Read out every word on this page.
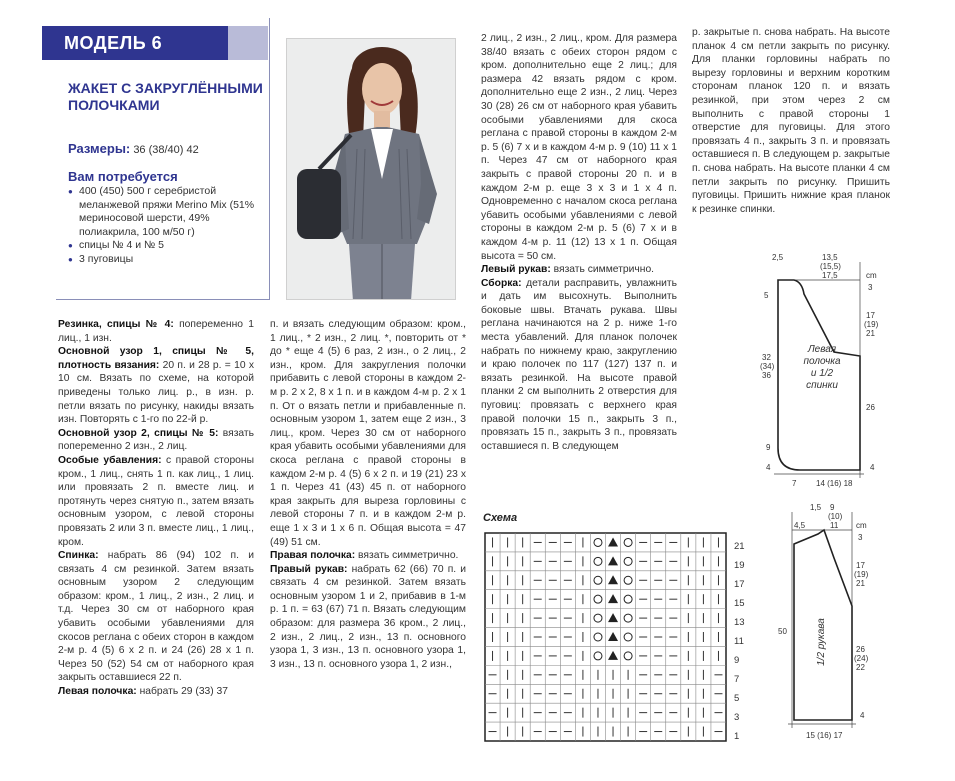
МОДЕЛЬ 6
ЖАКЕТ С ЗАКРУГЛЁННЫМИ ПОЛОЧКАМИ
Размеры: 36 (38/40) 42
Вам потребуется
● 400 (450) 500 г серебристой меланжевой пряжи Merino Mix (51% мериносовой шерсти, 49% полиакрила, 100 м/50 г)
● спицы № 4 и № 5
● 3 пуговицы

Резинка, спицы № 4: попеременно 1 лиц., 1 изн.

Основной узор 1, спицы № 5, плотность вязания: 20 п. и 28 р. = 10 х 10 см. Вязать по схеме, на которой приведены только лиц. р., в изн. р. петли вязать по рисунку, накиды вязать изн. Повторять с 1-го по 22-й р.

Основной узор 2, спицы № 5: вязать попеременно 2 изн., 2 лиц.

Особые убавления: с правой стороны кром., 1 лиц., снять 1 п. как лиц., 1 лиц. или провязать 2 п. вместе лиц. и протянуть через снятую п., затем вязать основным узором, с левой стороны провязать 2 или 3 п. вместе лиц., 1 лиц., кром.

Спинка: набрать 86 (94) 102 п. и связать 4 см резинкой. Затем вязать основным узором 2 следующим образом: кром., 1 лиц., 2 изн., 2 лиц. и т.д. Через 30 см от наборного края убавить особыми убавлениями для скосов реглана с обеих сторон в каждом 2-м р. 4 (5) 6 х 2 п. и 24 (26) 28 х 1 п. Через 50 (52) 54 см от наборного края закрыть оставшиеся 22 п.

Левая полочка: набрать 29 (33) 37

п. и вязать следующим образом: кром., 1 лиц., * 2 изн., 2 лиц. *, повторить от * до * еще 4 (5) 6 раз, 2 изн., о 2 лиц., 2 изн., кром. Для закругления полочки прибавить с левой стороны в каждом 2-м р. 2 х 2, 8 х 1 п. и в каждом 4-м р. 2 х 1 п. От о вязать петли и прибавленные п. основным узором 1, затем еще 2 изн., 3 лиц., кром. Через 30 см от наборного края убавить особыми убавлениями для скоса реглана с правой стороны в каждом 2-м р. 4 (5) 6 х 2 п. и 19 (21) 23 х 1 п. Через 41 (43) 45 п. от наборного края закрыть для выреза горловины с левой стороны 7 п. и в каждом 2-м р. еще 1 х 3 и 1 х 6 п. Общая высота = 47 (49) 51 см.

Правая полочка: вязать симметрично.

Правый рукав: набрать 62 (66) 70 п. и связать 4 см резинкой. Затем вязать основным узором 1 и 2, прибавив в 1-м р. 1 п. = 63 (67) 71 п. Вязать следующим образом: для размера 36 кром., 2 лиц., 2 изн., 2 лиц., 2 изн., 13 п. основного узора 1, 3 изн., 13 п. основного узора 1, 3 изн., 13 п. основного узора 1, 2 изн.,

2 лиц., 2 изн., 2 лиц., кром. Для размера 38/40 вязать с обеих сторон рядом с кром. дополнительно еще 2 лиц.; для размера 42 вязать рядом с кром. дополнительно еще 2 изн., 2 лиц. Через 30 (28) 26 см от наборного края убавить особыми убавлениями для скоса реглана с правой стороны в каждом 2-м р. 5 (6) 7 х и в каждом 4-м р. 9 (10) 11 х 1 п. Через 47 см от наборного края закрыть с правой стороны 20 п. и в каждом 2-м р. еще 3 х 3 и 1 х 4 п. Одновременно с началом скоса реглана убавить особыми убавлениями с левой стороны в каждом 2-м р. 5 (6) 7 х и в каждом 4-м р. 11 (12) 13 х 1 п. Общая высота = 50 см.

Левый рукав: вязать симметрично.

Сборка: детали расправить, увлажнить и дать им высохнуть. Выполнить боковые швы. Втачать рукава. Швы реглана начинаются на 2 р. ниже 1-го места убавлений. Для планок полочек набрать по нижнему краю, закруглению и краю полочек по 117 (127) 137 п. и вязать резинкой. На высоте правой планки 2 см выполнить 2 отверстия для пуговиц: провязать с верхнего края правой полочки 15 п., закрыть 3 п., провязать 15 п., закрыть 3 п., провязать оставшиеся п. В следующем

р. закрытые п. снова набрать. На высоте планок 4 см петли закрыть по рисунку. Для планки горловины набрать по вырезу горловины и верхним коротким сторонам планок 120 п. и вязать резинкой, при этом через 2 см выполнить с правой стороны 1 отверстие для пуговицы. Для этого провязать 4 п., закрыть 3 п. и провязать оставшиеся п. В следующем р. закрытые п. снова набрать. На высоте планки 4 см петли закрыть по рисунку. Пришить пуговицы. Пришить нижние края планок к резинке спинки.

Схема
21
19
17
15
13
11
9
7
5
3
1
2,5	13,5
(15,5)
17,5	cm
5
32
(34)
36
9
4
3
17
(19)
21
26
4
7 14 (16) 18
Левая
полочка
и 1/2
спинки
1,5 9
(10)
11
4,5	cm
50
3
17
(19)
21
26
(24)
22
4
15 (16) 17
1/2 рукава
